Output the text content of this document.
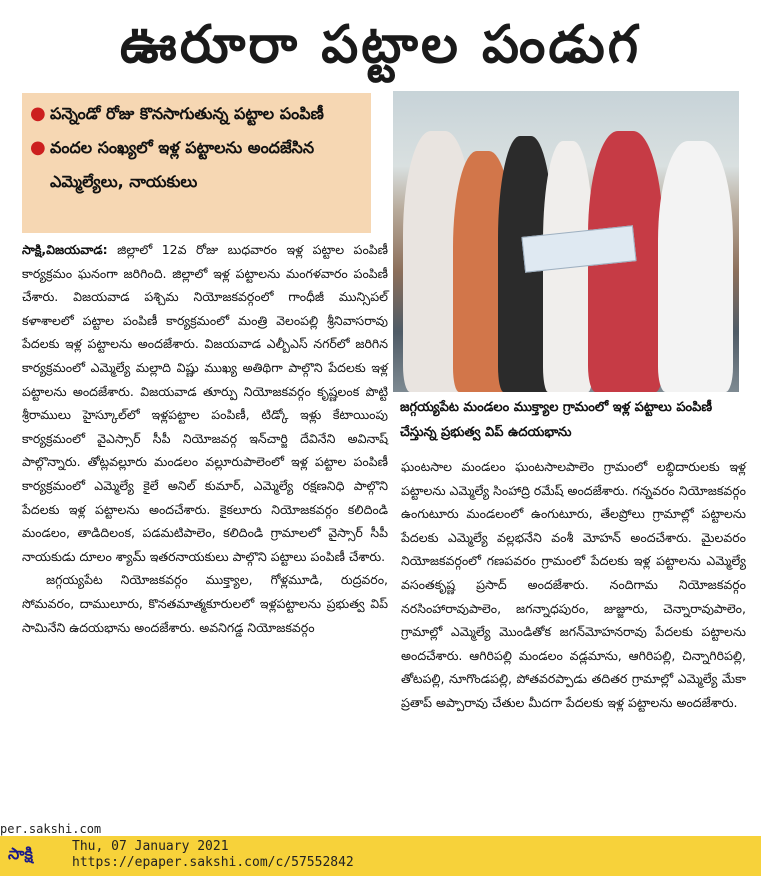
ఊరూరా పట్టాల పండుగ
● పన్నెండో రోజు కొనసాగుతున్న పట్టాల పంపిణీ
● వందల సంఖ్యలో ఇళ్ల పట్టాలను అందజేసిన ఎమ్మెల్యేలు, నాయకులు
జగ్గయ్యపేట మండలం ముక్త్యాల గ్రామంలో ఇళ్ల పట్టాలు పంపిణీ చేస్తున్న ప్రభుత్వ విప్ ఉదయభాను

సాక్షి,విజయవాడ: జిల్లాలో 12వ రోజు బుధవారం ఇళ్ల పట్టాల పంపిణీ కార్యక్రమం ఘనంగా జరిగింది. జిల్లాలో ఇళ్ల పట్టాలను మంగళవారం పంపిణీ చేశారు. విజయవాడ పశ్చిమ నియోజకవర్గంలో గాంధీజీ మున్సిపల్ కళాశాలలో పట్టాల పంపిణీ కార్యక్రమంలో మంత్రి వెలంపల్లి శ్రీనివాసరావు పేదలకు ఇళ్ల పట్టాలను అందజేశారు. విజయవాడ ఎల్బీఎస్ నగర్‌లో జరిగిన కార్యక్రమంలో ఎమ్మెల్యే మల్లాది విష్ణు ముఖ్య అతిథిగా పాల్గొని పేదలకు ఇళ్ల పట్టాలను అందజేశారు. విజయవాడ తూర్పు నియోజకవర్గం కృష్ణలంక పొట్టి శ్రీరాములు హైస్కూల్‌లో ఇళ్లపట్టాల పంపిణీ, టిడ్కో ఇళ్లు కేటాయింపు కార్యక్రమంలో వైఎస్సార్ సీపీ నియోజవర్గ ఇన్‌చార్జి దేవినేని అవినాష్ పాల్గొన్నారు. తోట్లవల్లూరు మండలం వల్లూరుపాలెంలో ఇళ్ల పట్టాల పంపిణీ కార్యక్రమంలో ఎమ్మెల్యే కైలే అనిల్ కుమార్, ఎమ్మెల్యే రక్షణనిధి పాల్గొని పేదలకు ఇళ్ల పట్టాలను అందచేశారు. కైకలూరు నియోజకవర్గం కలిదిండి మండలం, తాడిదిలంక, పడమటిపాలెం, కలిదిండి గ్రామాలలో వైస్సార్ సీపీ నాయకుడు దూలం శ్యామ్ ఇతరనాయకులు పాల్గొని పట్టాలు పంపిణీ చేశారు.

జగ్గయ్యపేట నియోజకవర్గం ముక్త్యాల, గోళ్లమూడి, రుద్రవరం, సోమవరం, దాములూరు, కొనతమాత్మకూరులలో ఇళ్లపట్టాలను ప్రభుత్వ విప్ సామినేని ఉదయభాను అందజేశారు. అవనిగడ్డ నియోజకవర్గం

ఘంటసాల మండలం ఘంటసాలపాలెం గ్రామంలో లబ్ధిదారులకు ఇళ్ల పట్టాలను ఎమ్మెల్యే సింహాద్రి రమేష్ అందజేశారు. గన్నవరం నియోజకవర్గం ఉంగుటూరు మండలంలో ఉంగుటూరు, తేలప్రోలు గ్రామాల్లో పట్టాలను పేదలకు ఎమ్మెల్యే వల్లభనేని వంశీ మోహన్ అందచేశారు. మైలవరం నియోజకవర్గంలో గణపవరం గ్రామంలో పేదలకు ఇళ్ల పట్టాలను ఎమ్మెల్యే వసంతకృష్ణ ప్రసాద్ అందజేశారు. నందిగామ నియోజకవర్గం నరసింహారావుపాలెం, జగన్నాధపురం, జుజ్జూరు, చెన్నారావుపాలెం, గ్రామాల్లో ఎమ్మెల్యే మొండితోక జగన్‌మోహనరావు పేదలకు పట్టాలను అందచేశారు. ఆగిరిపల్లి మండలం వడ్లమాను, ఆగిరిపల్లి, చిన్నాగిరిపల్లి, తోటపల్లి, నూగొండపల్లి, పోతవరప్పాడు తదితర గ్రామాల్లో ఎమ్మెల్యే మేకా ప్రతాప్ అప్పారావు చేతుల మీదగా పేదలకు ఇళ్ల పట్టాలను అందజేశారు.

per.sakshi.com
సాక్షి	Thu, 07 January 2021
https://epaper.sakshi.com/c/57552842
